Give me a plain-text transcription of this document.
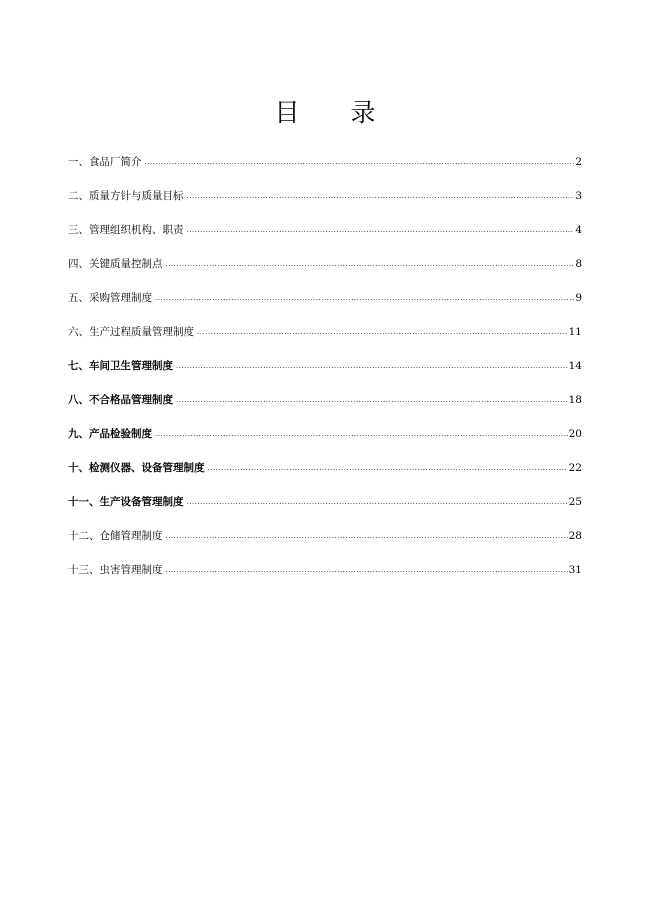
目 录
一、食品厂简介 .....	2
二、质量方针与质量目标 .....	3
三、管理组织机构、职责 .....	4
四、关键质量控制点 .....	8
五、采购管理制度 .....	9
六、生产过程质量管理制度 .....	11
七、车间卫生管理制度 .....	14
八、不合格品管理制度 .....	18
九、产品检验制度 .....	20
十、检测仪器、设备管理制度 .....	22
十一、生产设备管理制度 .....	25
十二、仓储管理制度 .....	28
十三、虫害管理制度 .....	31
